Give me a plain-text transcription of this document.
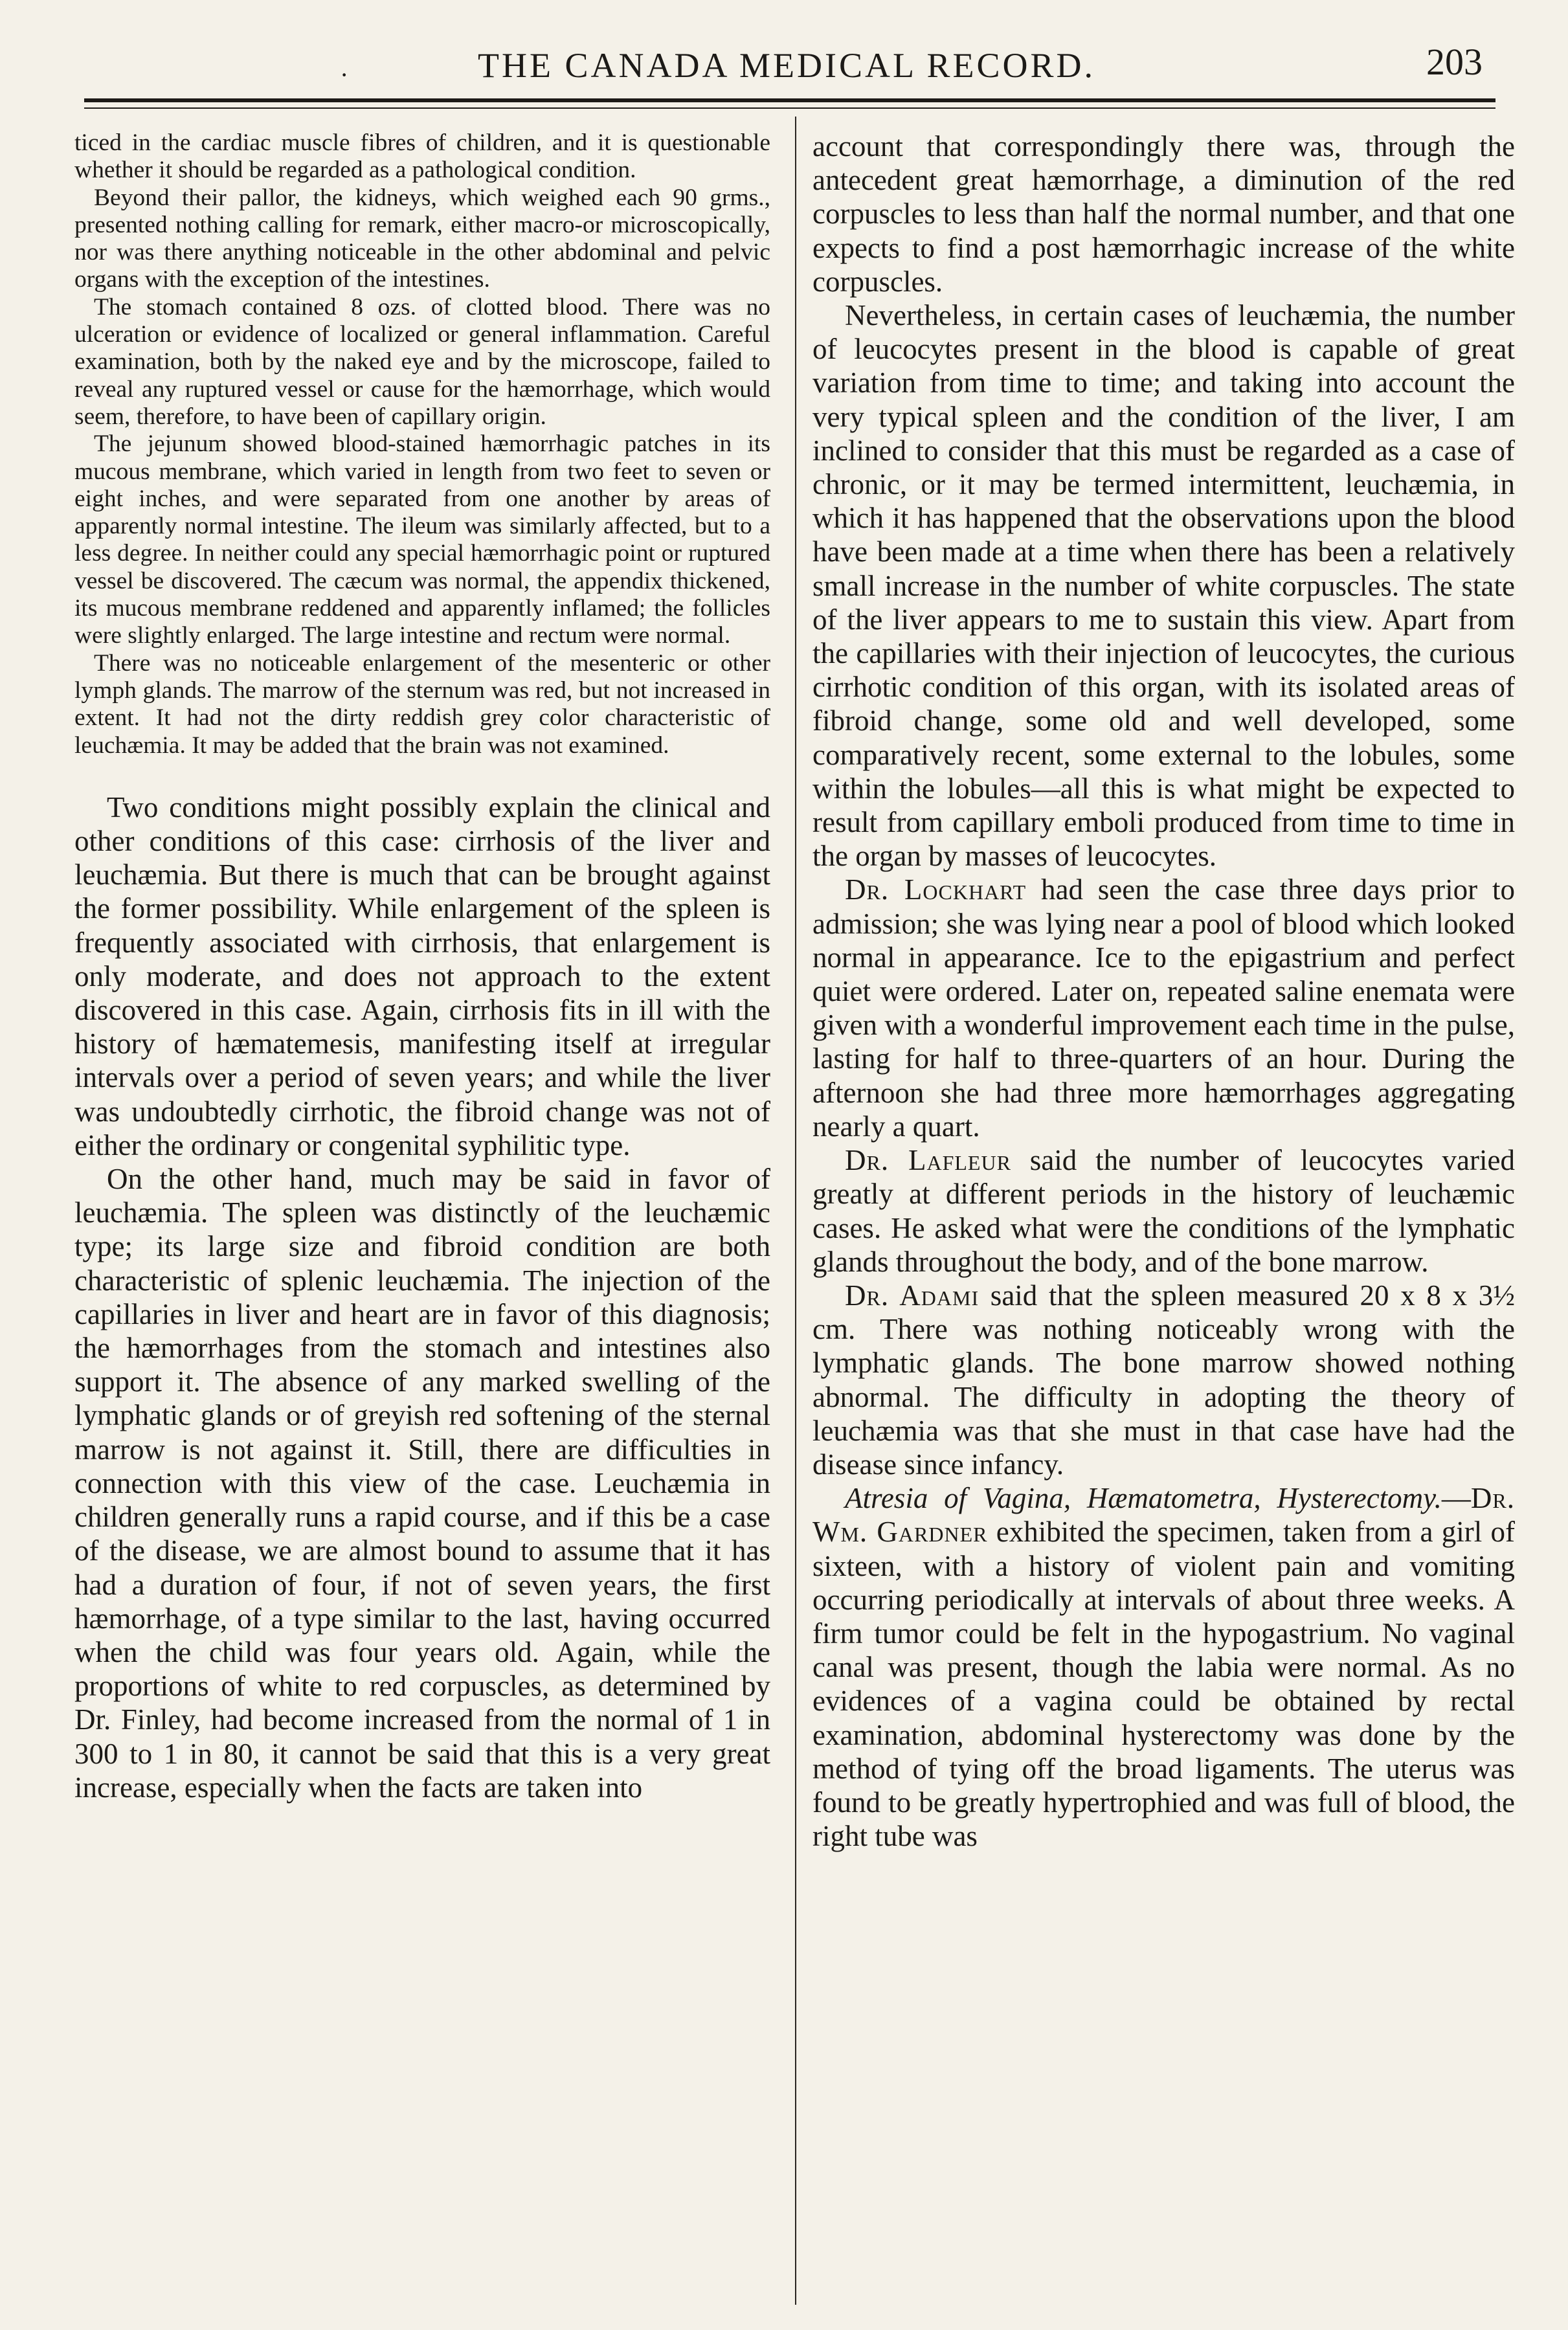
·	THE CANADA MEDICAL RECORD.	203

ticed in the cardiac muscle fibres of children, and it is questionable whether it should be regarded as a pathological condition.

Beyond their pallor, the kidneys, which weighed each 90 grms., presented nothing calling for remark, either macro-or microscopically, nor was there anything noticeable in the other abdominal and pelvic organs with the exception of the intestines.

The stomach contained 8 ozs. of clotted blood. There was no ulceration or evidence of localized or general inflammation. Careful examination, both by the naked eye and by the microscope, failed to reveal any ruptured vessel or cause for the hæmorrhage, which would seem, therefore, to have been of capillary origin.

The jejunum showed blood-stained hæmorrhagic patches in its mucous membrane, which varied in length from two feet to seven or eight inches, and were separated from one another by areas of apparently normal intestine. The ileum was similarly affected, but to a less degree. In neither could any special hæmorrhagic point or ruptured vessel be discovered. The cæcum was normal, the appendix thickened, its mucous membrane reddened and apparently inflamed; the follicles were slightly enlarged. The large intestine and rectum were normal.

There was no noticeable enlargement of the mesenteric or other lymph glands. The marrow of the sternum was red, but not increased in extent. It had not the dirty reddish grey color characteristic of leuchæmia. It may be added that the brain was not examined.

Two conditions might possibly explain the clinical and other conditions of this case: cirrhosis of the liver and leuchæmia. But there is much that can be brought against the former possibility. While enlargement of the spleen is frequently associated with cirrhosis, that enlargement is only moderate, and does not approach to the extent discovered in this case. Again, cirrhosis fits in ill with the history of hæmatemesis, manifesting itself at irregular intervals over a period of seven years; and while the liver was undoubtedly cirrhotic, the fibroid change was not of either the ordinary or congenital syphilitic type.

On the other hand, much may be said in favor of leuchæmia. The spleen was distinctly of the leuchæmic type; its large size and fibroid condition are both characteristic of splenic leuchæmia. The injection of the capillaries in liver and heart are in favor of this diagnosis; the hæmorrhages from the stomach and intestines also support it. The absence of any marked swelling of the lymphatic glands or of greyish red softening of the sternal marrow is not against it. Still, there are difficulties in connection with this view of the case. Leuchæmia in children generally runs a rapid course, and if this be a case of the disease, we are almost bound to assume that it has had a duration of four, if not of seven years, the first hæmorrhage, of a type similar to the last, having occurred when the child was four years old. Again, while the proportions of white to red corpuscles, as determined by Dr. Finley, had become increased from the normal of 1 in 300 to 1 in 80, it cannot be said that this is a very great increase, especially when the facts are taken into

account that correspondingly there was, through the antecedent great hæmorrhage, a diminution of the red corpuscles to less than half the normal number, and that one expects to find a post hæmorrhagic increase of the white corpuscles.

Nevertheless, in certain cases of leuchæmia, the number of leucocytes present in the blood is capable of great variation from time to time; and taking into account the very typical spleen and the condition of the liver, I am inclined to consider that this must be regarded as a case of chronic, or it may be termed intermittent, leuchæmia, in which it has happened that the observations upon the blood have been made at a time when there has been a relatively small increase in the number of white corpuscles. The state of the liver appears to me to sustain this view. Apart from the capillaries with their injection of leucocytes, the curious cirrhotic condition of this organ, with its isolated areas of fibroid change, some old and well developed, some comparatively recent, some external to the lobules, some within the lobules—all this is what might be expected to result from capillary emboli produced from time to time in the organ by masses of leucocytes.

Dr. Lockhart had seen the case three days prior to admission; she was lying near a pool of blood which looked normal in appearance. Ice to the epigastrium and perfect quiet were ordered. Later on, repeated saline enemata were given with a wonderful improvement each time in the pulse, lasting for half to three-quarters of an hour. During the afternoon she had three more hæmorrhages aggregating nearly a quart.

Dr. Lafleur said the number of leucocytes varied greatly at different periods in the history of leuchæmic cases. He asked what were the conditions of the lymphatic glands throughout the body, and of the bone marrow.

Dr. Adami said that the spleen measured 20 x 8 x 3½ cm. There was nothing noticeably wrong with the lymphatic glands. The bone marrow showed nothing abnormal. The difficulty in adopting the theory of leuchæmia was that she must in that case have had the disease since infancy.

Atresia of Vagina, Hæmatometra, Hysterectomy.—Dr. Wm. Gardner exhibited the specimen, taken from a girl of sixteen, with a history of violent pain and vomiting occurring periodically at intervals of about three weeks. A firm tumor could be felt in the hypogastrium. No vaginal canal was present, though the labia were normal. As no evidences of a vagina could be obtained by rectal examination, abdominal hysterectomy was done by the method of tying off the broad ligaments. The uterus was found to be greatly hypertrophied and was full of blood, the right tube was
